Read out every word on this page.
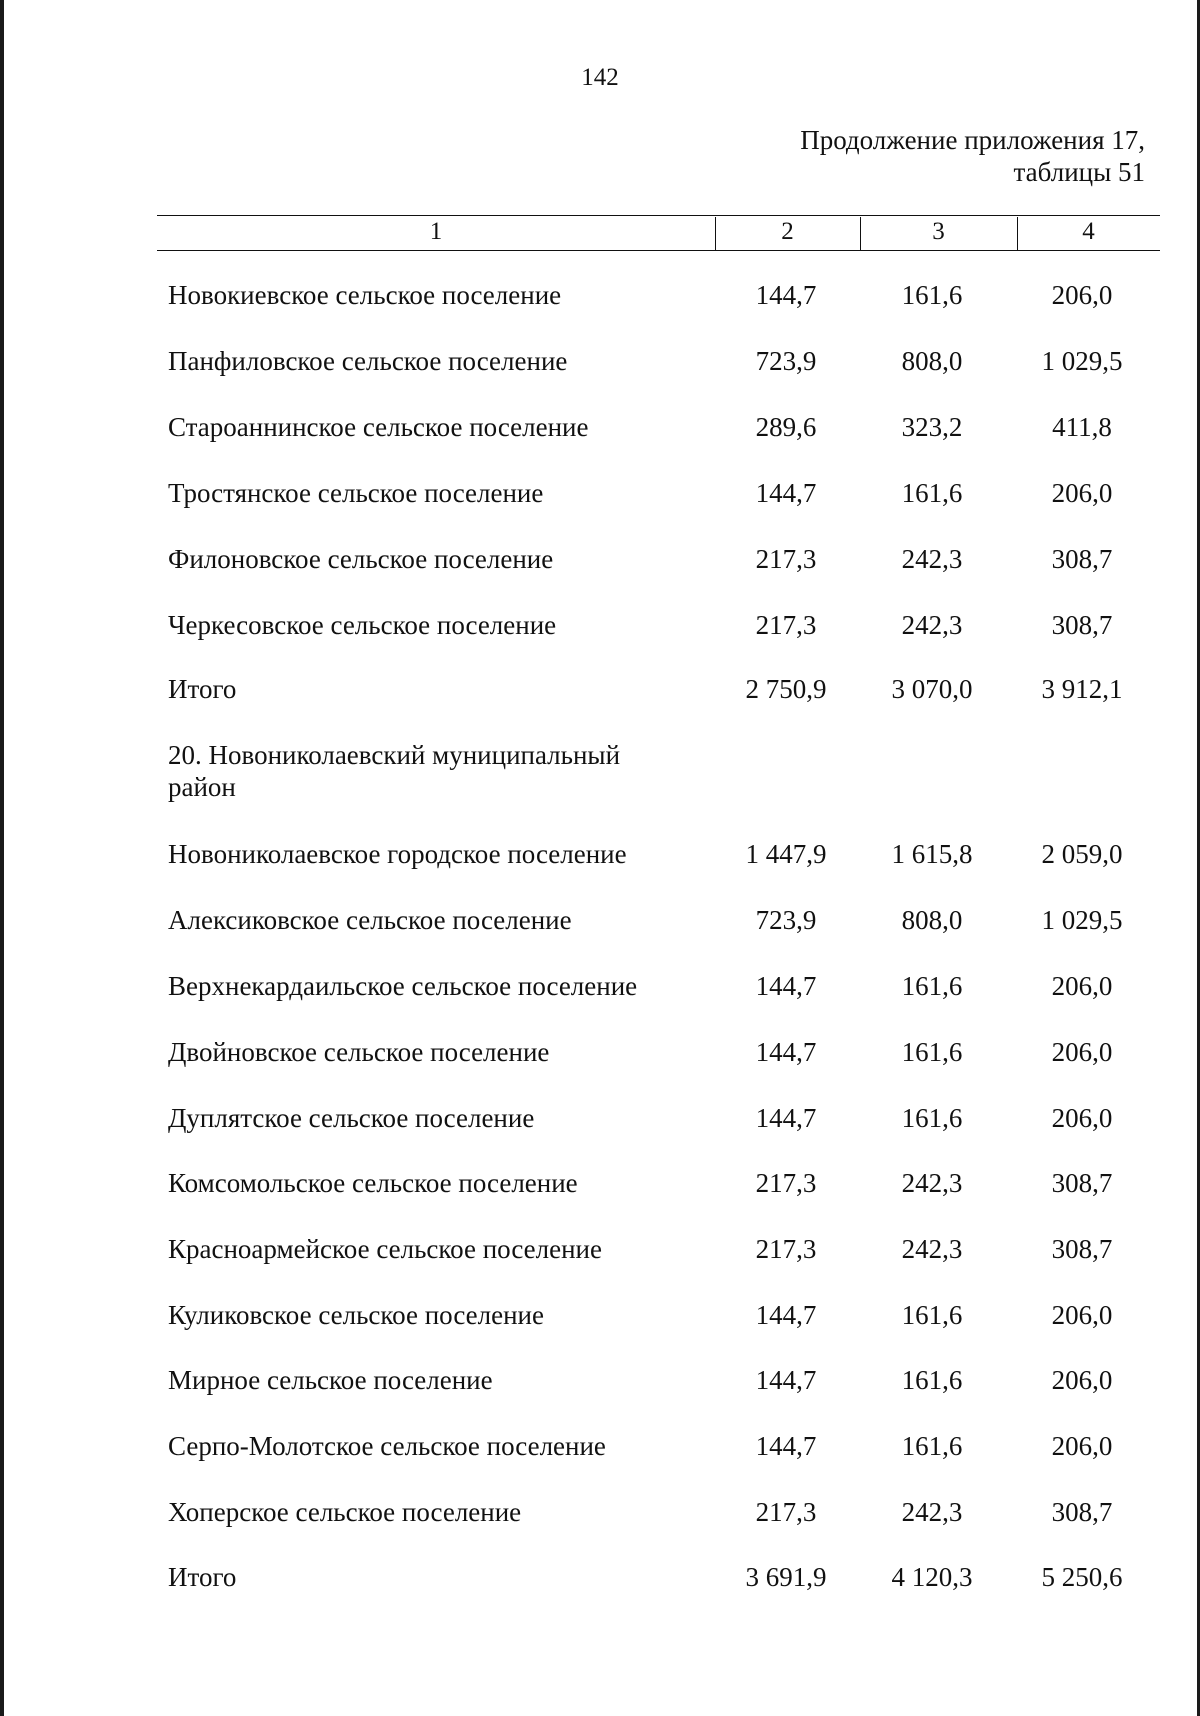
142
Продолжение приложения 17,
таблицы 51
1	2	3	4
Новокиевское сельское поселение	144,7	161,6	206,0
Панфиловское сельское поселение	723,9	808,0	1 029,5
Староаннинское сельское поселение	289,6	323,2	411,8
Тростянское сельское поселение	144,7	161,6	206,0
Филоновское сельское поселение	217,3	242,3	308,7
Черкесовское сельское поселение	217,3	242,3	308,7
Итого	2 750,9	3 070,0	3 912,1
20. Новониколаевский муниципальный
район
Новониколаевское городское поселение	1 447,9	1 615,8	2 059,0
Алексиковское сельское поселение	723,9	808,0	1 029,5
Верхнекардаильское сельское поселение	144,7	161,6	206,0
Двойновское сельское поселение	144,7	161,6	206,0
Дуплятское сельское поселение	144,7	161,6	206,0
Комсомольское сельское поселение	217,3	242,3	308,7
Красноармейское сельское поселение	217,3	242,3	308,7
Куликовское сельское поселение	144,7	161,6	206,0
Мирное сельское поселение	144,7	161,6	206,0
Серпо-Молотское сельское поселение	144,7	161,6	206,0
Хоперское сельское поселение	217,3	242,3	308,7
Итого	3 691,9	4 120,3	5 250,6
